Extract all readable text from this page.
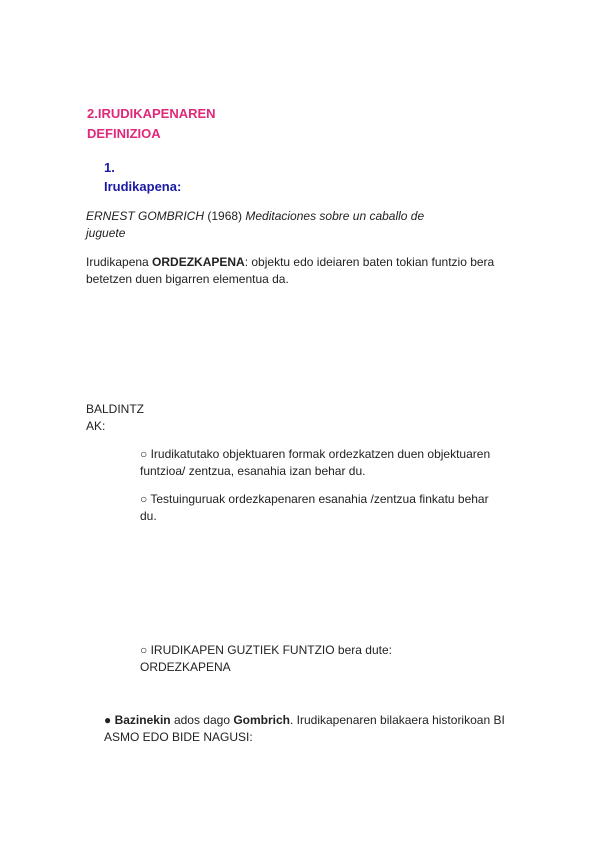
2.IRUDIKAPENAREN
DEFINIZIOA
1.
Irudikapena:
ERNEST GOMBRICH (1968) Meditaciones sobre un caballo de
juguete
Irudikapena ORDEZKAPENA: objektu edo ideiaren baten tokian funtzio bera
betetzen duen bigarren elementua da.
BALDINTZ
AK:
○ Irudikatutako objektuaren formak ordezkatzen duen objektuaren
funtzioa/ zentzua, esanahia izan behar du.
○ Testuinguruak ordezkapenaren esanahia /zentzua finkatu behar
du.
○ IRUDIKAPEN GUZTIEK FUNTZIO bera dute:
ORDEZKAPENA
● Bazinekin ados dago Gombrich. Irudikapenaren bilakaera historikoan BI
ASMO EDO BIDE NAGUSI:
